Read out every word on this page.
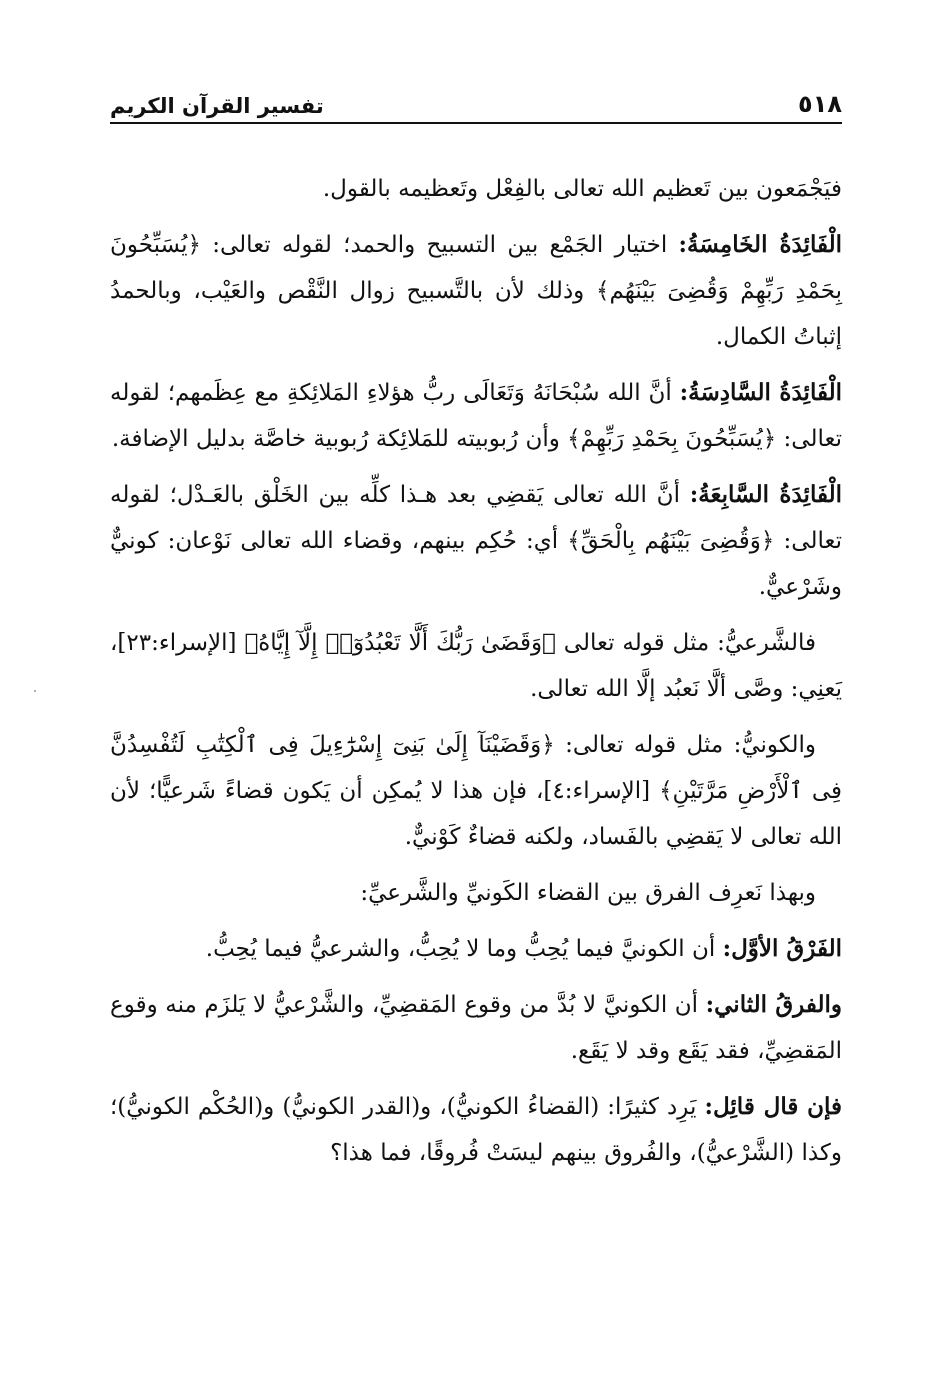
٥١٨
تفسير القرآن الكريم

فيَجْمَعون بين تَعظيم الله تعالى بالفِعْل وتَعظيمه بالقول.

الْفَائِدَةُ الخَامِسَةُ: اختيار الجَمْع بين التسبيح والحمد؛ لقوله تعالى: ﴿يُسَبِّحُونَ بِحَمْدِ رَبِّهِمْ وَقُضِىَ بَيْنَهُم﴾ وذلك لأن بالتَّسبيح زوال النَّقْص والعَيْب، وبالحمدُ إثباتُ الكمال.

الْفَائِدَةُ السَّادِسَةُ: أنَّ الله سُبْحَانَهُ وَتَعَالَى ربُّ هؤلاءِ المَلائِكةِ مع عِظَمهم؛ لقوله تعالى: ﴿يُسَبِّحُونَ بِحَمْدِ رَبِّهِمْ﴾ وأن رُبوبيته للمَلائِكة رُبوبية خاصَّة بدليل الإضافة.

الْفَائِدَةُ السَّابِعَةُ: أنَّ الله تعالى يَقضِي بعد هـذا كلِّه بين الخَلْق بالعَـدْل؛ لقوله تعالى: ﴿وَقُضِىَ بَيْنَهُم بِالْحَقِّ﴾ أي: حُكِم بينهم، وقضاء الله تعالى نَوْعان: كونيٌّ وشَرْعيٌّ.

فالشَّرعيُّ: مثل قوله تعالى ﴿وَقَضَىٰ رَبُّكَ أَلَّا تَعْبُدُوٓا۟ إِلَّآ إِيَّاهُ﴾ [الإسراء:٢٣]، يَعنِي: وصَّى ألَّا نَعبُد إلَّا الله تعالى.

والكونيُّ: مثل قوله تعالى: ﴿وَقَضَيْنَآ إِلَىٰ بَنِىٓ إِسْرَٰٓءِيلَ فِى ٱلْكِتَٰبِ لَتُفْسِدُنَّ فِى ٱلْأَرْضِ مَرَّتَيْنِ﴾ [الإسراء:٤]، فإن هذا لا يُمكِن أن يَكون قضاءً شَرعيًّا؛ لأن الله تعالى لا يَقضِي بالفَساد، ولكنه قضاءٌ كَوْنيٌّ.

وبهذا نَعرِف الفرق بين القضاء الكَونيِّ والشَّرعيِّ:

الفَرْقُ الأوَّل: أن الكونيَّ فيما يُحِبُّ وما لا يُحِبُّ، والشرعيُّ فيما يُحِبُّ.

والفرقُ الثاني: أن الكونيَّ لا بُدَّ من وقوع المَقضِيِّ، والشَّرْعيُّ لا يَلزَم منه وقوع المَقضِيِّ، فقد يَقَع وقد لا يَقَع.

فإن قال قائِل: يَرِد كثيرًا: (القضاءُ الكونيُّ)، و(القدر الكونيُّ) و(الحُكْم الكونيُّ)؛ وكذا (الشَّرْعيُّ)، والفُروق بينهم ليسَتْ فُروقًا، فما هذا؟
